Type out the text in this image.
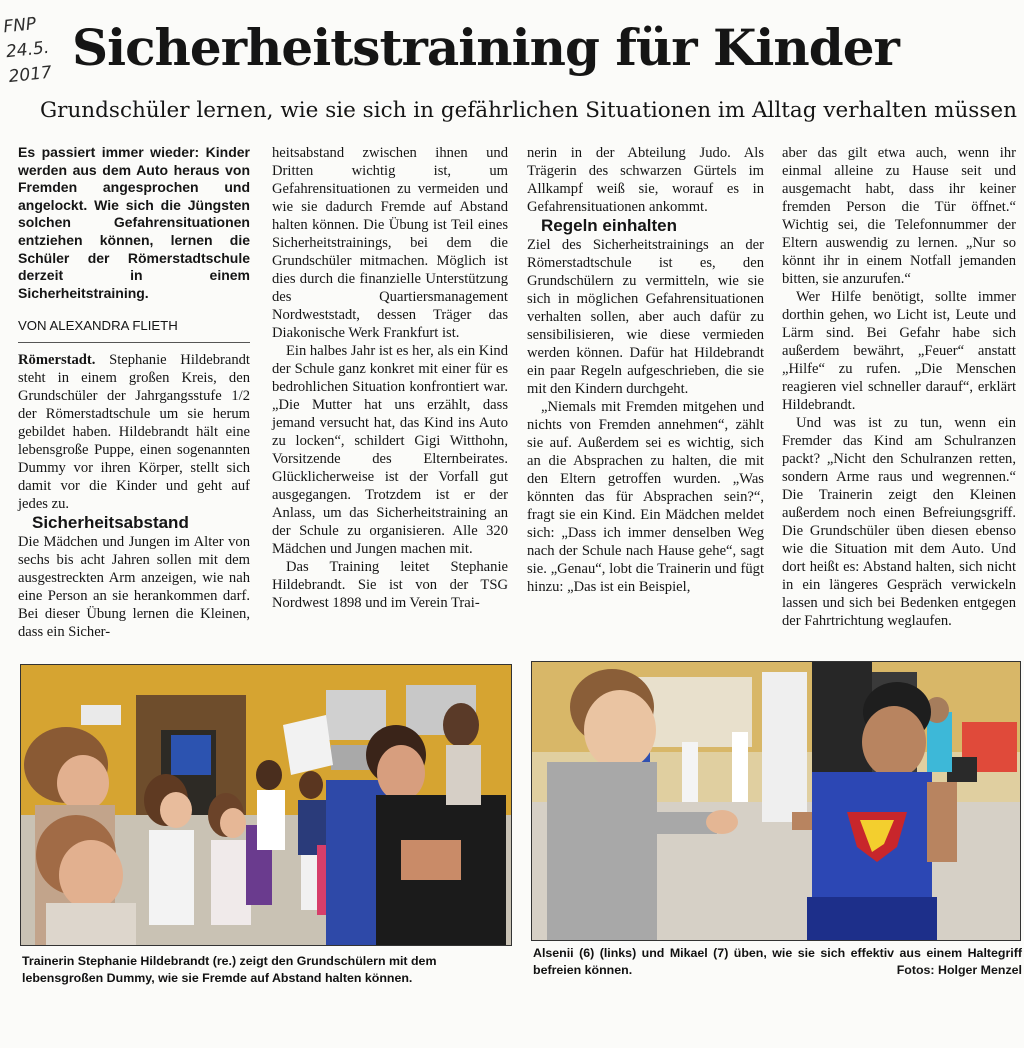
FNP
24.5.
2017 Sicherheitstraining für Kinder
Grundschüler lernen, wie sie sich in gefährlichen Situationen im Alltag verhalten müssen

Es passiert immer wieder: Kinder werden aus dem Auto heraus von Fremden angesprochen und angelockt. Wie sich die Jüngsten solchen Gefahrensituationen entziehen können, lernen die Schüler der Römerstadtschule derzeit in einem Sicherheitstraining.

VON ALEXANDRA FLIETH

Römerstadt. Stephanie Hildebrandt steht in einem großen Kreis, den Grundschüler der Jahrgangsstufe 1/2 der Römerstadtschule um sie herum gebildet haben. Hildebrandt hält eine lebensgroße Puppe, einen sogenannten Dummy vor ihren Körper, stellt sich damit vor die Kinder und geht auf jedes zu.

Sicherheitsabstand

Die Mädchen und Jungen im Alter von sechs bis acht Jahren sollen mit dem ausgestreckten Arm anzeigen, wie nah eine Person an sie herankommen darf. Bei dieser Übung lernen die Kleinen, dass ein Sicher-

heitsabstand zwischen ihnen und Dritten wichtig ist, um Gefahrensituationen zu vermeiden und wie sie dadurch Fremde auf Abstand halten können. Die Übung ist Teil eines Sicherheitstrainings, bei dem die Grundschüler mitmachen. Möglich ist dies durch die finanzielle Unterstützung des Quartiersmanagement Nordweststadt, dessen Träger das Diakonische Werk Frankfurt ist.

Ein halbes Jahr ist es her, als ein Kind der Schule ganz konkret mit einer für es bedrohlichen Situation konfrontiert war. „Die Mutter hat uns erzählt, dass jemand versucht hat, das Kind ins Auto zu locken“, schildert Gigi Witthohn, Vorsitzende des Elternbeirates. Glücklicherweise ist der Vorfall gut ausgegangen. Trotzdem ist er der Anlass, um das Sicherheitstraining an der Schule zu organisieren. Alle 320 Mädchen und Jungen machen mit.

Das Training leitet Stephanie Hildebrandt. Sie ist von der TSG Nordwest 1898 und im Verein Trai-

nerin in der Abteilung Judo. Als Trägerin des schwarzen Gürtels im Allkampf weiß sie, worauf es in Gefahrensituationen ankommt.

Regeln einhalten

Ziel des Sicherheitstrainings an der Römerstadtschule ist es, den Grundschülern zu vermitteln, wie sie sich in möglichen Gefahrensituationen verhalten sollen, aber auch dafür zu sensibilisieren, wie diese vermieden werden können. Dafür hat Hildebrandt ein paar Regeln aufgeschrieben, die sie mit den Kindern durchgeht.

„Niemals mit Fremden mitgehen und nichts von Fremden annehmen“, zählt sie auf. Außerdem sei es wichtig, sich an die Absprachen zu halten, die mit den Eltern getroffen wurden. „Was könnten das für Absprachen sein?“, fragt sie ein Kind. Ein Mädchen meldet sich: „Dass ich immer denselben Weg nach der Schule nach Hause gehe“, sagt sie. „Genau“, lobt die Trainerin und fügt hinzu: „Das ist ein Beispiel,

aber das gilt etwa auch, wenn ihr einmal alleine zu Hause seit und ausgemacht habt, dass ihr keiner fremden Person die Tür öffnet.“ Wichtig sei, die Telefonnummer der Eltern auswendig zu lernen. „Nur so könnt ihr in einem Notfall jemanden bitten, sie anzurufen.“

Wer Hilfe benötigt, sollte immer dorthin gehen, wo Licht ist, Leute und Lärm sind. Bei Gefahr habe sich außerdem bewährt, „Feuer“ anstatt „Hilfe“ zu rufen. „Die Menschen reagieren viel schneller darauf“, erklärt Hildebrandt.

Und was ist zu tun, wenn ein Fremder das Kind am Schulranzen packt? „Nicht den Schulranzen retten, sondern Arme raus und wegrennen.“ Die Trainerin zeigt den Kleinen außerdem noch einen Befreiungsgriff. Die Grundschüler üben diesen ebenso wie die Situation mit dem Auto. Und dort heißt es: Abstand halten, sich nicht in ein längeres Gespräch verwickeln lassen und sich bei Bedenken entgegen der Fahrtrichtung weglaufen.

Trainerin Stephanie Hildebrandt (re.) zeigt den Grundschülern mit dem lebensgroßen Dummy, wie sie Fremde auf Abstand halten können.
Alsenii (6) (links) und Mikael (7) üben, wie sie sich effektiv aus einem Haltegriff befreien können.	Fotos: Holger Menzel
